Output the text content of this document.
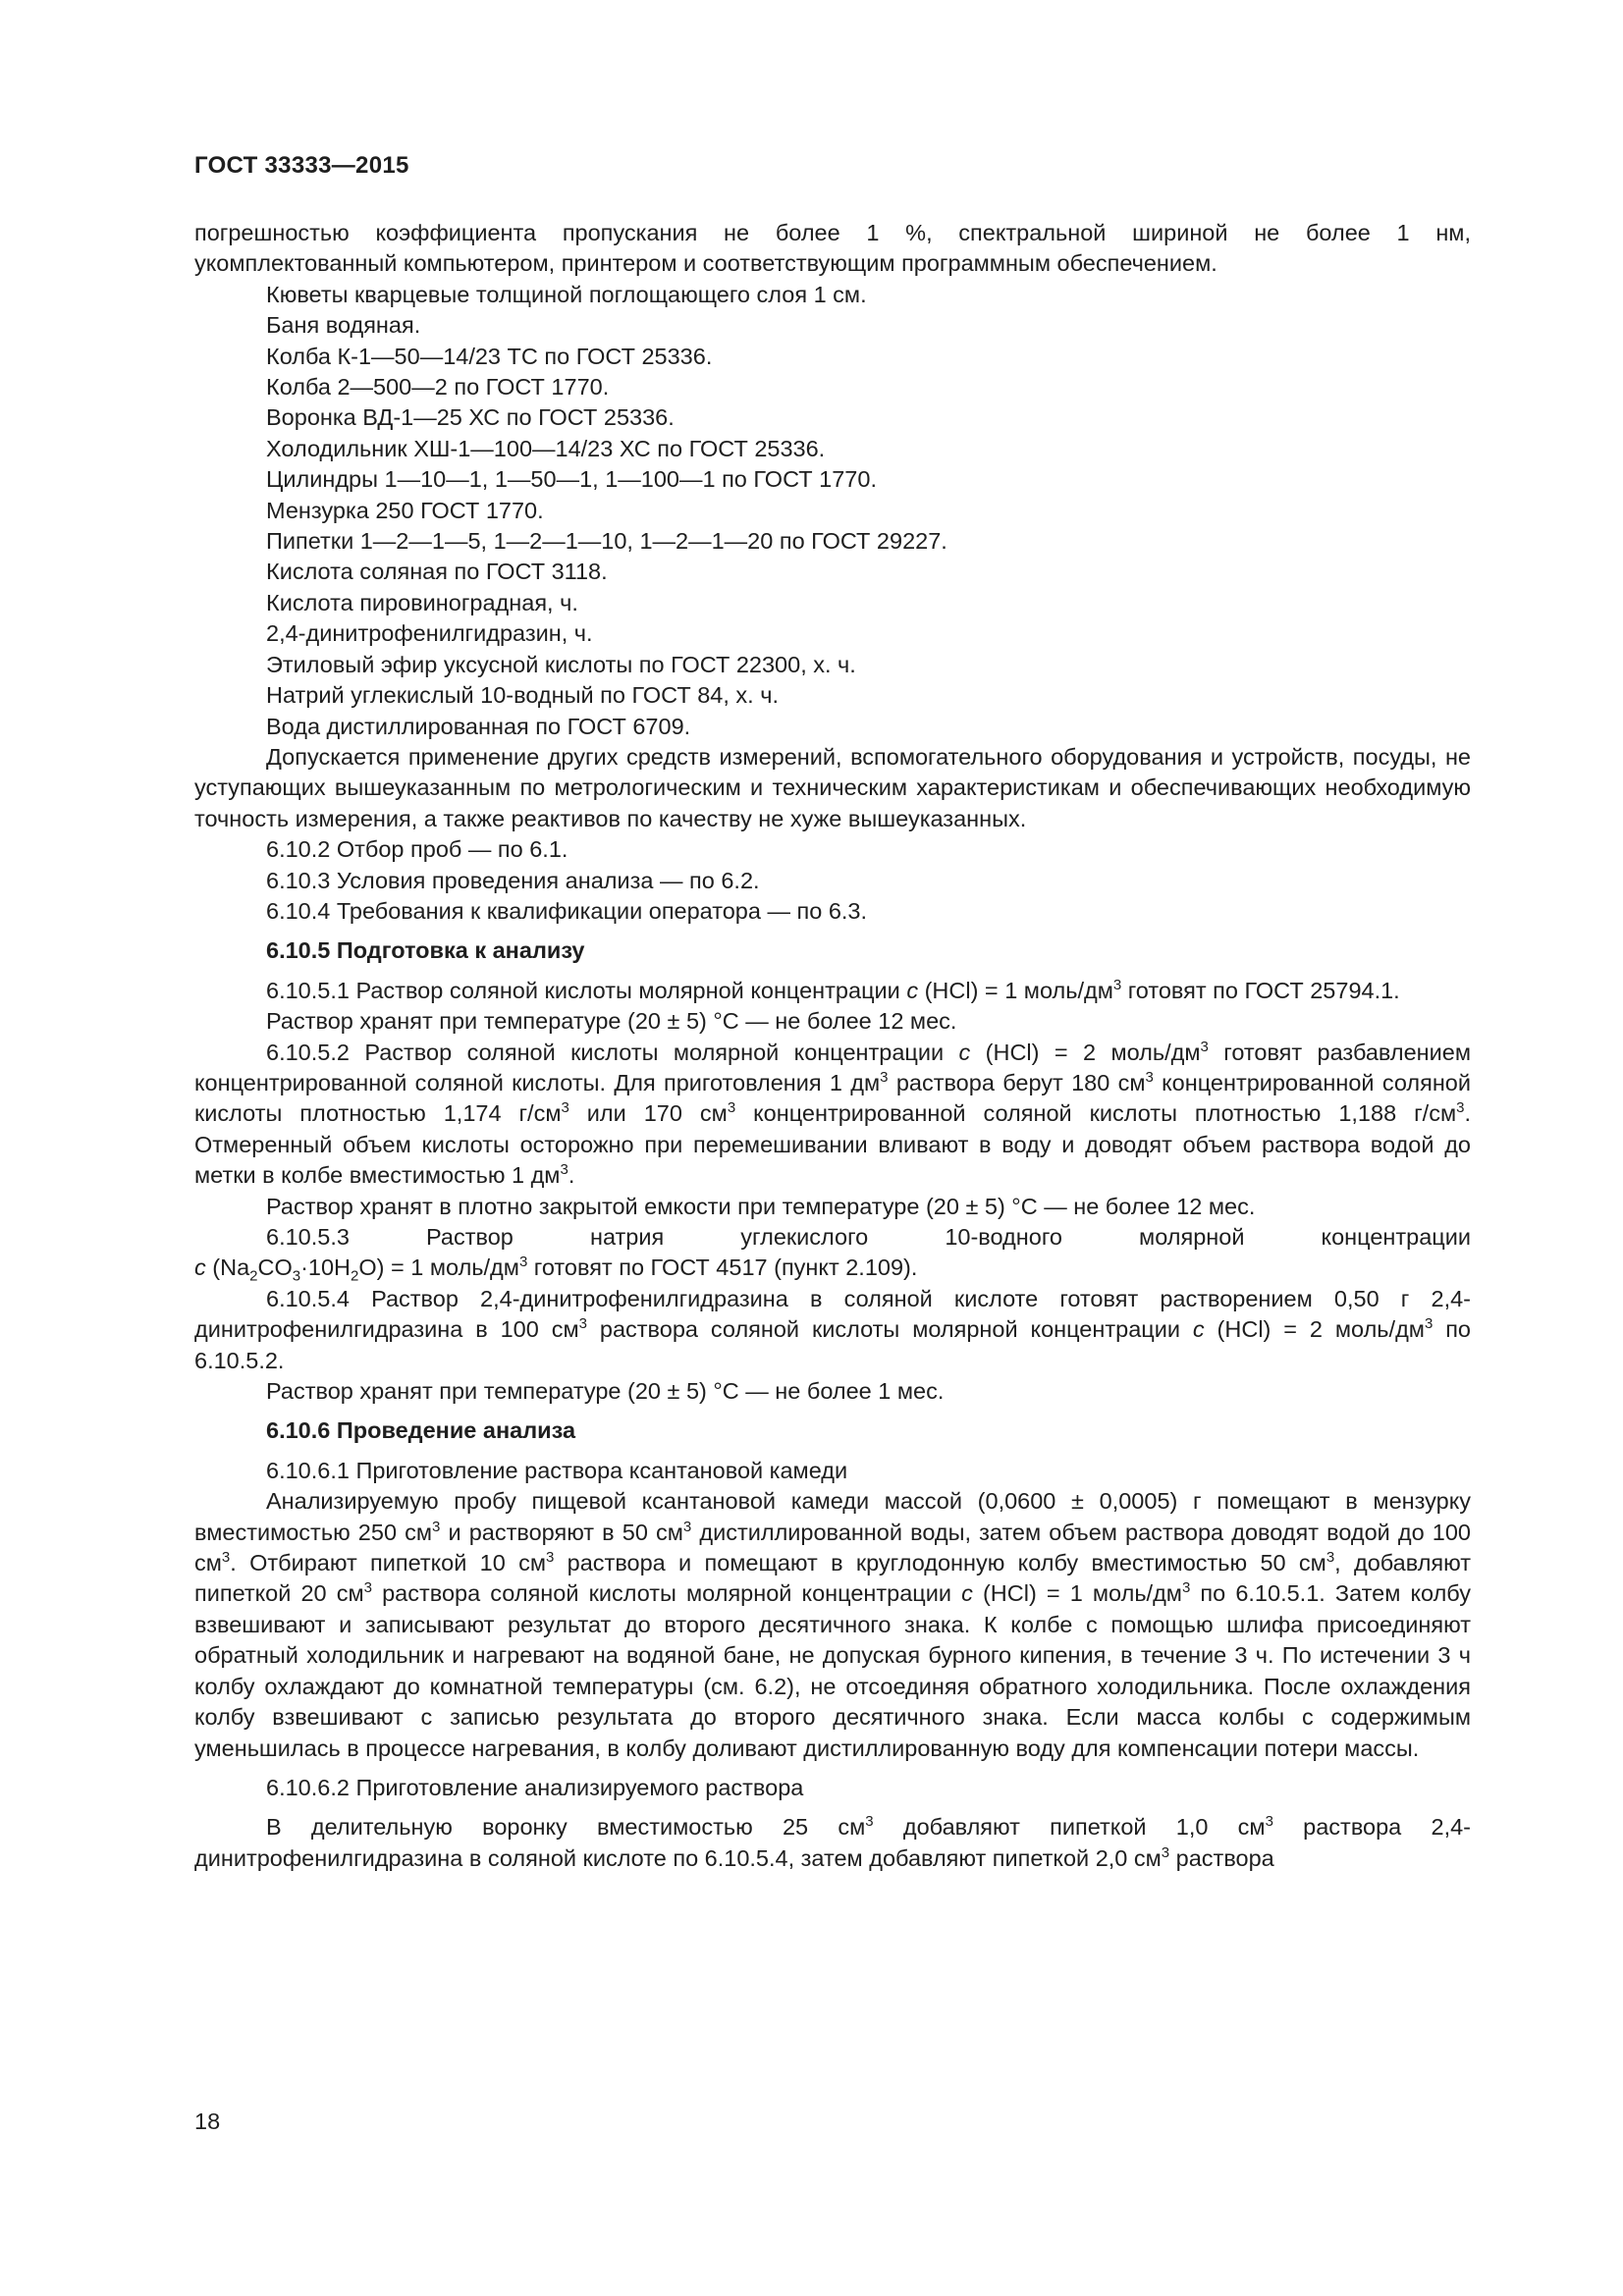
ГОСТ 33333—2015

погрешностью коэффициента пропускания не более 1 %, спектральной шириной не более 1 нм,

укомплектованный компьютером, принтером и соответствующим программным обеспечением.

Кюветы кварцевые толщиной поглощающего слоя 1 см.

Баня водяная.

Колба К-1—50—14/23 ТС по ГОСТ 25336.

Колба 2—500—2 по ГОСТ 1770.

Воронка ВД-1—25 ХС по ГОСТ 25336.

Холодильник ХШ-1—100—14/23 ХС по ГОСТ 25336.

Цилиндры 1—10—1, 1—50—1, 1—100—1 по ГОСТ 1770.

Мензурка 250 ГОСТ 1770.

Пипетки 1—2—1—5, 1—2—1—10, 1—2—1—20 по ГОСТ 29227.

Кислота соляная по ГОСТ 3118.

Кислота пировиноградная, ч.

2,4-динитрофенилгидразин, ч.

Этиловый эфир уксусной кислоты по ГОСТ 22300, х. ч.

Натрий углекислый 10-водный по ГОСТ 84, х. ч.

Вода дистиллированная по ГОСТ 6709.

Допускается применение других средств измерений, вспомогательного оборудования и устройств, посуды, не уступающих вышеуказанным по метрологическим и техническим характеристикам и обеспечивающих необходимую точность измерения, а также реактивов по качеству не хуже вышеуказанных.

6.10.2 Отбор проб — по 6.1.

6.10.3 Условия проведения анализа — по 6.2.

6.10.4 Требования к квалификации оператора — по 6.3.

6.10.5 Подготовка к анализу

6.10.5.1 Раствор соляной кислоты молярной концентрации c (HCl) = 1 моль/$дм^3$ готовят по ГОСТ 25794.1.

Раствор хранят при температуре (20 ± 5) °С — не более 12 мес.

6.10.5.2 Раствор соляной кислоты молярной концентрации c (HCl) = 2 моль/$дм^3$ готовят разбавлением концентрированной соляной кислоты. Для приготовления 1 $дм^3$ раствора берут 180 $см^3$ концентрированной соляной кислоты плотностью 1,174 $г/см^3$ или 170 $см^3$ концентрированной соляной кислоты плотностью 1,188 $г/см^3$. Отмеренный объем кислоты осторожно при перемешивании вливают в воду и доводят объем раствора водой до метки в колбе вместимостью 1 $дм^3$.

Раствор хранят в плотно закрытой емкости при температуре (20 ± 5) °С — не более 12 мес.

6.10.5.3 Раствор натрия углекислого 10-водного молярной концентрации

c $(Na_2CO_3\cdot 10H_2O) = 1$ моль/$дм^3$ готовят по ГОСТ 4517 (пункт 2.109).

6.10.5.4 Раствор 2,4-динитрофенилгидразина в соляной кислоте готовят растворением 0,50 г 2,4-динитрофенилгидразина в 100 $см^3$ раствора соляной кислоты молярной концентрации c (HCl) = 2 моль/$дм^3$ по 6.10.5.2.

Раствор хранят при температуре (20 ± 5) °С — не более 1 мес.

6.10.6 Проведение анализа

6.10.6.1 Приготовление раствора ксантановой камеди

Анализируемую пробу пищевой ксантановой камеди массой (0,0600 ± 0,0005) г помещают в мензурку вместимостью 250 $см^3$ и растворяют в 50 $см^3$ дистиллированной воды, затем объем раствора доводят водой до 100 $см^3$. Отбирают пипеткой 10 $см^3$ раствора и помещают в круглодонную колбу вместимостью 50 $см^3$, добавляют пипеткой 20 $см^3$ раствора соляной кислоты молярной концентрации c (HCl) = 1 моль/$дм^3$ по 6.10.5.1. Затем колбу взвешивают и записывают результат до второго десятичного знака. К колбе с помощью шлифа присоединяют обратный холодильник и нагревают на водяной бане, не допуская бурного кипения, в течение 3 ч. По истечении 3 ч колбу охлаждают до комнатной температуры (см. 6.2), не отсоединяя обратного холодильника. После охлаждения колбу взвешивают с записью результата до второго десятичного знака. Если масса колбы с содержимым уменьшилась в процессе нагревания, в колбу доливают дистиллированную воду для компенсации потери массы.

6.10.6.2 Приготовление анализируемого раствора

В делительную воронку вместимостью 25 $см^3$ добавляют пипеткой 1,0 $см^3$ раствора 2,4-динитрофенилгидразина в соляной кислоте по 6.10.5.4, затем добавляют пипеткой 2,0 $см^3$ раствора

18
